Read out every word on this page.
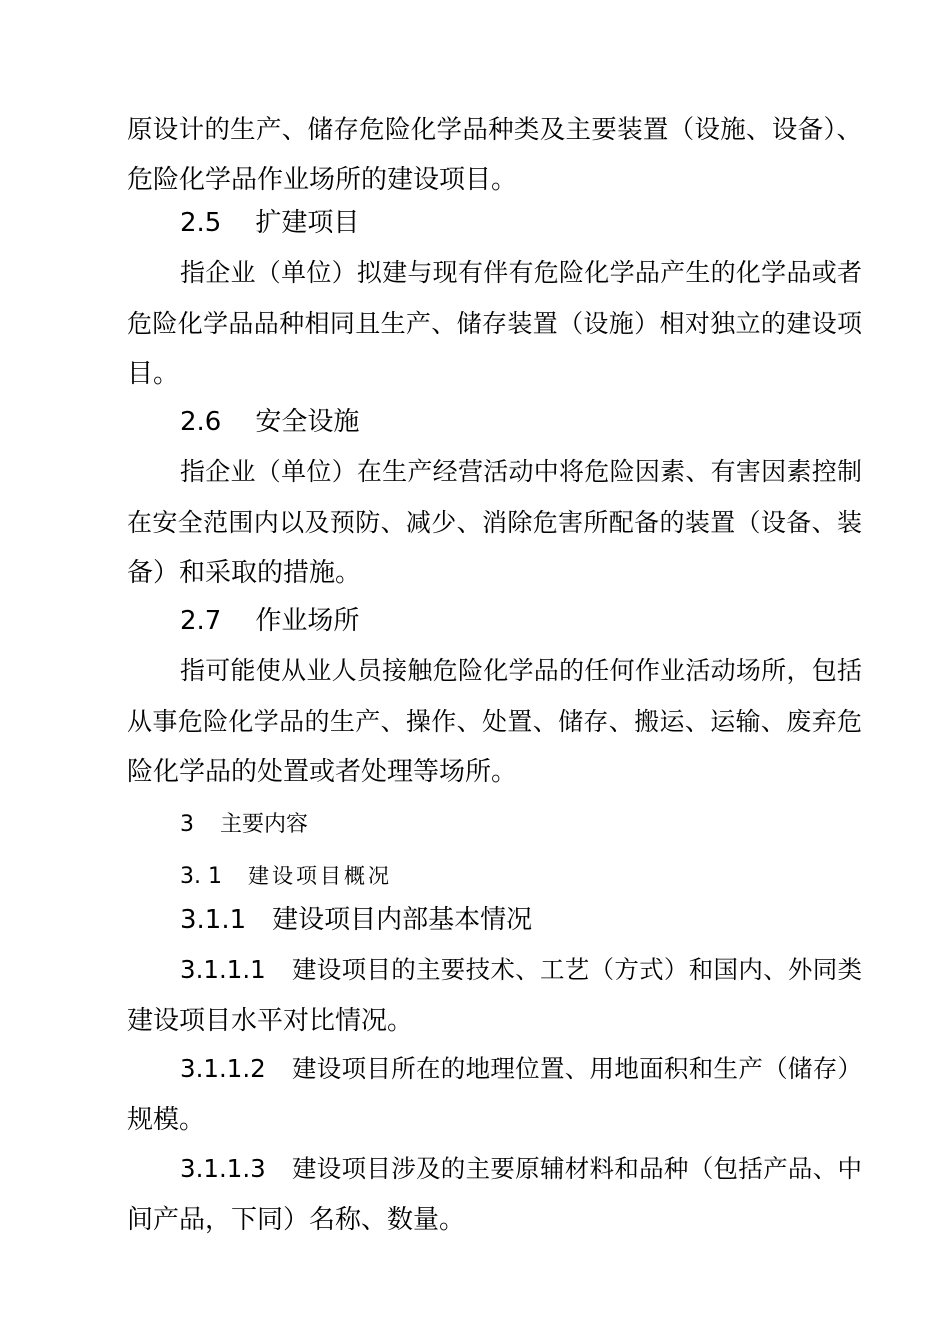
原设计的生产、储存危险化学品种类及主要装置（设施、设备）、
危险化学品作业场所的建设项目。
2.5 扩建项目
指企业（单位）拟建与现有伴有危险化学品产生的化学品或者
危险化学品品种相同且生产、储存装置（设施）相对独立的建设项
目。
2.6 安全设施
指企业（单位）在生产经营活动中将危险因素、有害因素控制
在安全范围内以及预防、减少、消除危害所配备的装置（设备、装
备）和采取的措施。
2.7 作业场所
指可能使从业人员接触危险化学品的任何作业活动场所，包括
从事危险化学品的生产、操作、处置、储存、搬运、运输、废弃危
险化学品的处置或者处理等场所。
3 主要内容
3. 1 建设项目概况
3.1.1 建设项目内部基本情况
3.1.1.1 建设项目的主要技术、工艺（方式）和国内、外同类
建设项目水平对比情况。
3.1.1.2 建设项目所在的地理位置、用地面积和生产（储存）
规模。
3.1.1.3 建设项目涉及的主要原辅材料和品种（包括产品、中
间产品，下同）名称、数量。
